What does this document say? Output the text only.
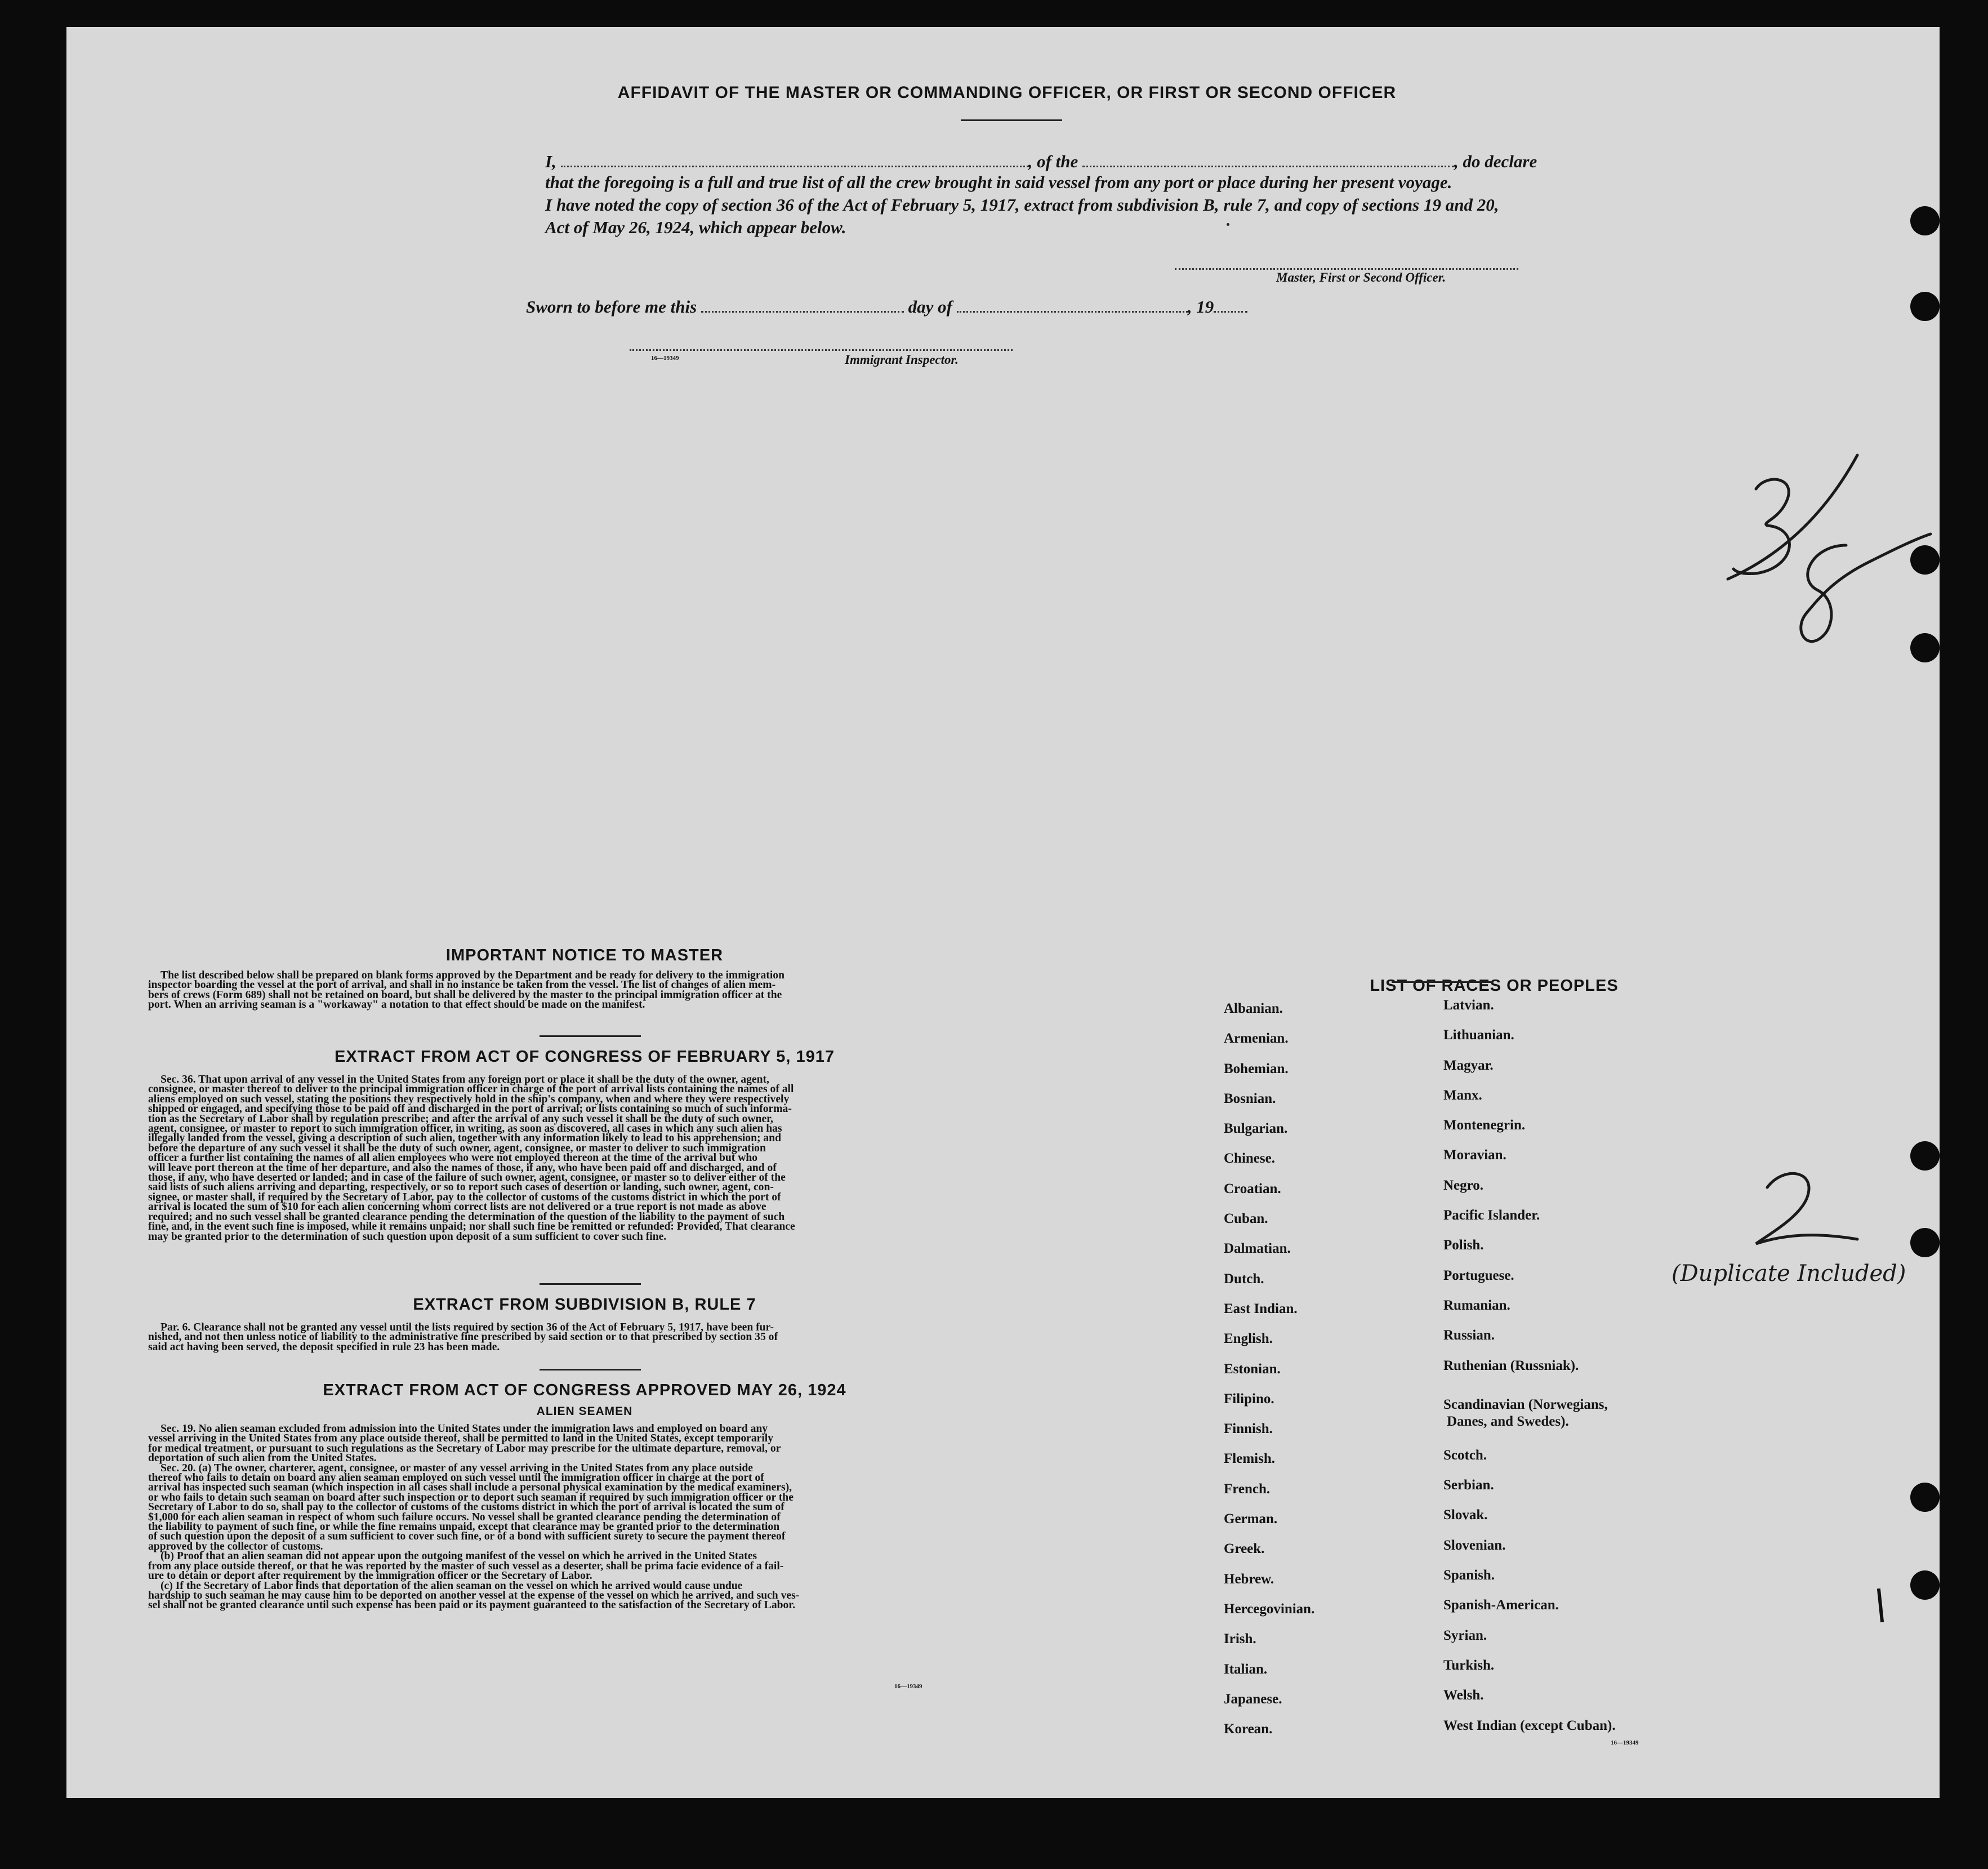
AFFIDAVIT OF THE MASTER OR COMMANDING OFFICER, OR FIRST OR SECOND OFFICER
I,	, of the	, do declare
that the foregoing is a full and true list of all the crew brought in said vessel from any port or place during her present voyage.
I have noted the copy of section 36 of the Act of February 5, 1917, extract from subdivision B, rule 7, and copy of sections 19 and 20,
Act of May 26, 1924, which appear below.
Master, First or Second Officer.
Sworn to before me this	day of	, 19
16—19349	Immigrant Inspector.
IMPORTANT NOTICE TO MASTER
The list described below shall be prepared on blank forms approved by the Department and be ready for delivery to the immigration
inspector boarding the vessel at the port of arrival, and shall in no instance be taken from the vessel. The list of changes of alien mem-
bers of crews (Form 689) shall not be retained on board, but shall be delivered by the master to the principal immigration officer at the
port. When an arriving seaman is a "workaway" a notation to that effect should be made on the manifest.
EXTRACT FROM ACT OF CONGRESS OF FEBRUARY 5, 1917
Sec. 36. That upon arrival of any vessel in the United States from any foreign port or place it shall be the duty of the owner, agent,
consignee, or master thereof to deliver to the principal immigration officer in charge of the port of arrival lists containing the names of all
aliens employed on such vessel, stating the positions they respectively hold in the ship's company, when and where they were respectively
shipped or engaged, and specifying those to be paid off and discharged in the port of arrival; or lists containing so much of such informa-
tion as the Secretary of Labor shall by regulation prescribe; and after the arrival of any such vessel it shall be the duty of such owner,
agent, consignee, or master to report to such immigration officer, in writing, as soon as discovered, all cases in which any such alien has
illegally landed from the vessel, giving a description of such alien, together with any information likely to lead to his apprehension; and
before the departure of any such vessel it shall be the duty of such owner, agent, consignee, or master to deliver to such immigration
officer a further list containing the names of all alien employees who were not employed thereon at the time of the arrival but who
will leave port thereon at the time of her departure, and also the names of those, if any, who have been paid off and discharged, and of
those, if any, who have deserted or landed; and in case of the failure of such owner, agent, consignee, or master so to deliver either of the
said lists of such aliens arriving and departing, respectively, or so to report such cases of desertion or landing, such owner, agent, con-
signee, or master shall, if required by the Secretary of Labor, pay to the collector of customs of the customs district in which the port of
arrival is located the sum of $10 for each alien concerning whom correct lists are not delivered or a true report is not made as above
required; and no such vessel shall be granted clearance pending the determination of the question of the liability to the payment of such
fine, and, in the event such fine is imposed, while it remains unpaid; nor shall such fine be remitted or refunded: Provided, That clearance
may be granted prior to the determination of such question upon deposit of a sum sufficient to cover such fine.
EXTRACT FROM SUBDIVISION B, RULE 7
Par. 6. Clearance shall not be granted any vessel until the lists required by section 36 of the Act of February 5, 1917, have been fur-
nished, and not then unless notice of liability to the administrative fine prescribed by said section or to that prescribed by section 35 of
said act having been served, the deposit specified in rule 23 has been made.
EXTRACT FROM ACT OF CONGRESS APPROVED MAY 26, 1924
ALIEN SEAMEN
Sec. 19. No alien seaman excluded from admission into the United States under the immigration laws and employed on board any
vessel arriving in the United States from any place outside thereof, shall be permitted to land in the United States, except temporarily
for medical treatment, or pursuant to such regulations as the Secretary of Labor may prescribe for the ultimate departure, removal, or
deportation of such alien from the United States.
Sec. 20. (a) The owner, charterer, agent, consignee, or master of any vessel arriving in the United States from any place outside
thereof who fails to detain on board any alien seaman employed on such vessel until the immigration officer in charge at the port of
arrival has inspected such seaman (which inspection in all cases shall include a personal physical examination by the medical examiners),
or who fails to detain such seaman on board after such inspection or to deport such seaman if required by such immigration officer or the
Secretary of Labor to do so, shall pay to the collector of customs of the customs district in which the port of arrival is located the sum of
$1,000 for each alien seaman in respect of whom such failure occurs. No vessel shall be granted clearance pending the determination of
the liability to payment of such fine, or while the fine remains unpaid, except that clearance may be granted prior to the determination
of such question upon the deposit of a sum sufficient to cover such fine, or of a bond with sufficient surety to secure the payment thereof
approved by the collector of customs.
(b) Proof that an alien seaman did not appear upon the outgoing manifest of the vessel on which he arrived in the United States
from any place outside thereof, or that he was reported by the master of such vessel as a deserter, shall be prima facie evidence of a fail-
ure to detain or deport after requirement by the immigration officer or the Secretary of Labor.
(c) If the Secretary of Labor finds that deportation of the alien seaman on the vessel on which he arrived would cause undue
hardship to such seaman he may cause him to be deported on another vessel at the expense of the vessel on which he arrived, and such ves-
sel shall not be granted clearance until such expense has been paid or its payment guaranteed to the satisfaction of the Secretary of Labor.
16—19349
LIST OF RACES OR PEOPLES
Albanian.
Armenian.
Bohemian.
Bosnian.
Bulgarian.
Chinese.
Croatian.
Cuban.
Dalmatian.
Dutch.
East Indian.
English.
Estonian.
Filipino.
Finnish.
Flemish.
French.
German.
Greek.
Hebrew.
Hercegovinian.
Irish.
Italian.
Japanese.
Korean.
Latvian.
Lithuanian.
Magyar.
Manx.
Montenegrin.
Moravian.
Negro.
Pacific Islander.
Polish.
Portuguese.
Rumanian.
Russian.
Ruthenian (Russniak).
Scandinavian (Norwegians,
Danes, and Swedes).
Scotch.
Serbian.
Slovak.
Slovenian.
Spanish.
Spanish-American.
Syrian.
Turkish.
Welsh.
West Indian (except Cuban).
16—19349
3/8
2
(Duplicate Included)
